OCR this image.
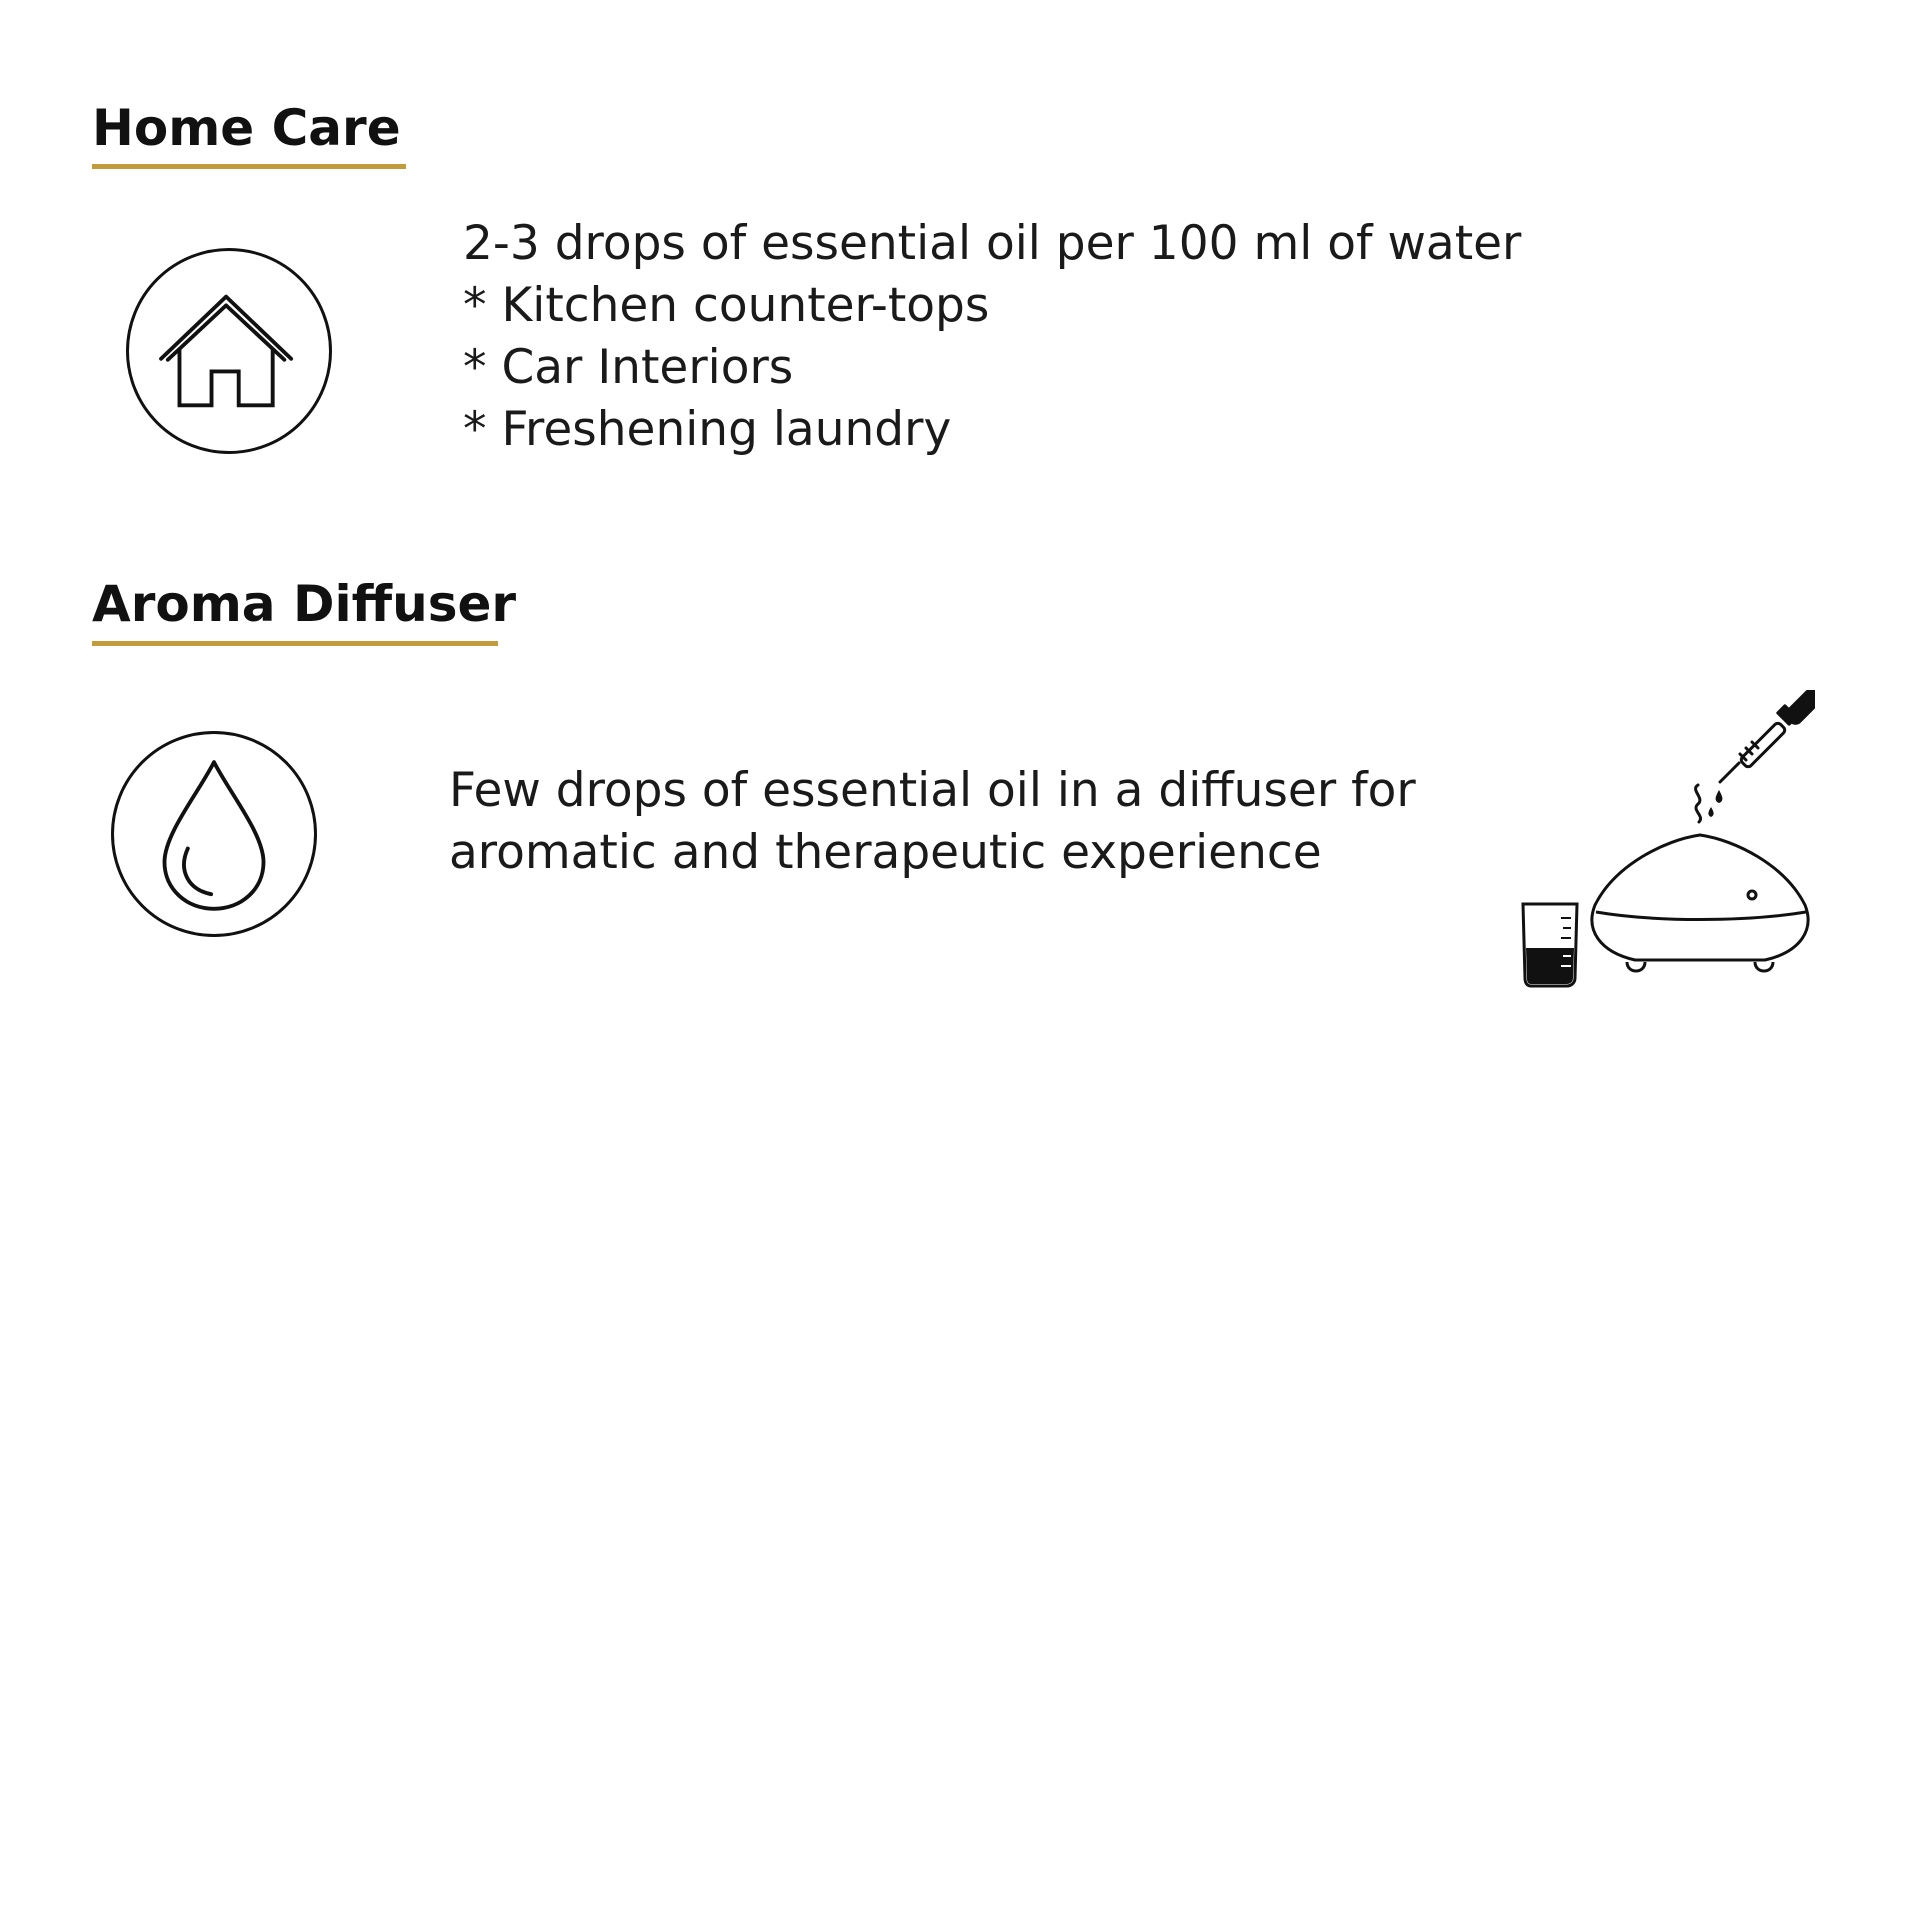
Home Care
2-3 drops of essential oil per 100 ml of water
* Kitchen counter-tops
* Car Interiors
* Freshening laundry
Aroma Diffuser
Few drops of essential oil in a diffuser for
aromatic and therapeutic experience
